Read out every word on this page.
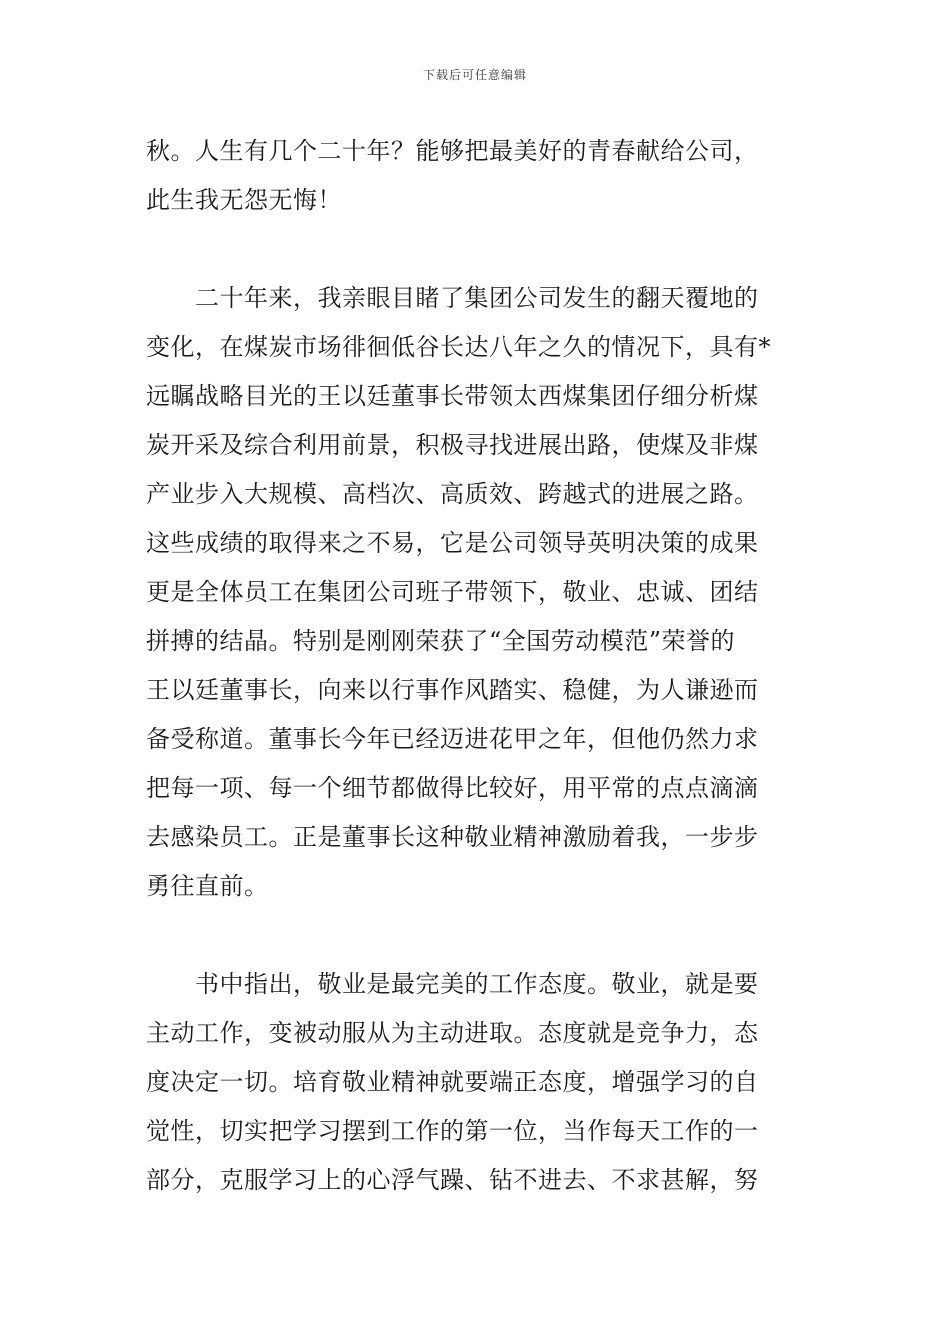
下载后可任意编辑
秋。人生有几个二十年？能够把最美好的青春献给公司，
此生我无怨无悔！
　　二十年来，我亲眼目睹了集团公司发生的翻天覆地的
变化，在煤炭市场徘徊低谷长达八年之久的情况下，具有*
远瞩战略目光的王以廷董事长带领太西煤集团仔细分析煤
炭开采及综合利用前景，积极寻找进展出路，使煤及非煤
产业步入大规模、高档次、高质效、跨越式的进展之路。
这些成绩的取得来之不易，它是公司领导英明决策的成果
更是全体员工在集团公司班子带领下，敬业、忠诚、团结
拼搏的结晶。特别是刚刚荣获了“全国劳动模范”荣誉的
王以廷董事长，向来以行事作风踏实、稳健，为人谦逊而
备受称道。董事长今年已经迈进花甲之年，但他仍然力求
把每一项、每一个细节都做得比较好，用平常的点点滴滴
去感染员工。正是董事长这种敬业精神激励着我，一步步
勇往直前。
　　书中指出，敬业是最完美的工作态度。敬业，就是要
主动工作，变被动服从为主动进取。态度就是竞争力，态
度决定一切。培育敬业精神就要端正态度，增强学习的自
觉性，切实把学习摆到工作的第一位，当作每天工作的一
部分，克服学习上的心浮气躁、钻不进去、不求甚解，努
